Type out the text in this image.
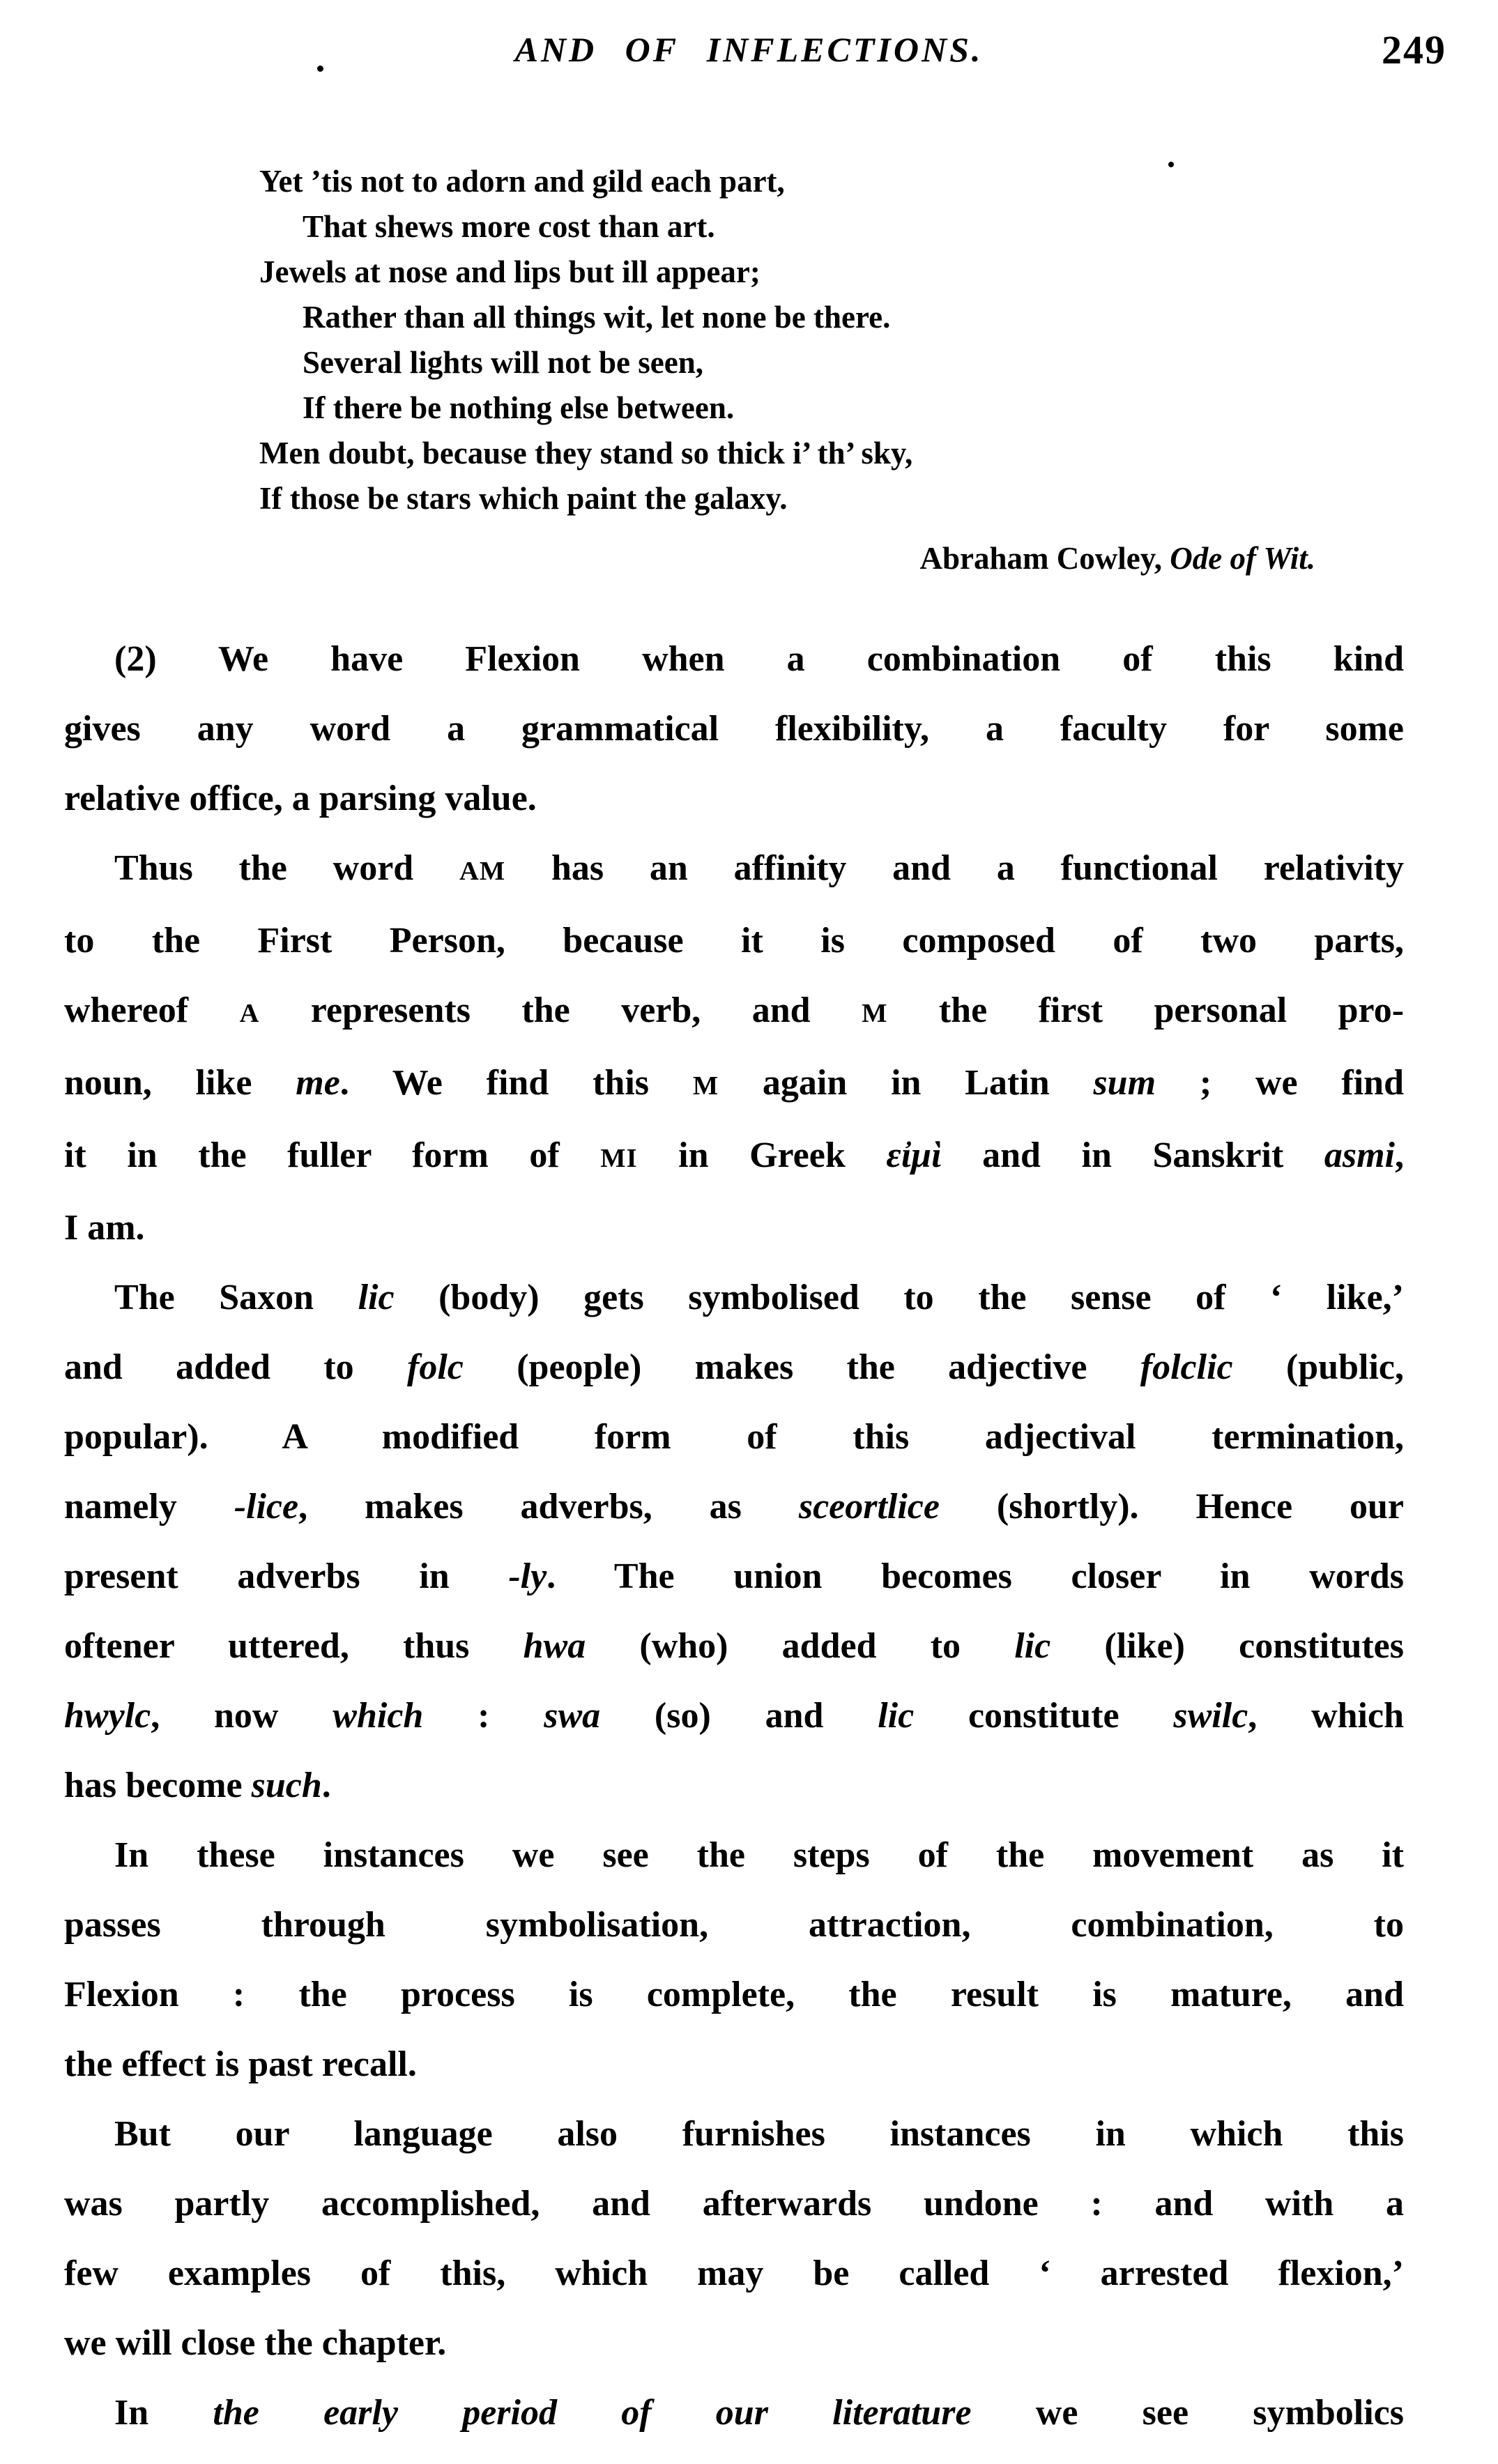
AND OF INFLECTIONS.	249
Yet ’tis not to adorn and gild each part,
That shews more cost than art.
Jewels at nose and lips but ill appear;
Rather than all things wit, let none be there.
Several lights will not be seen,
If there be nothing else between.
Men doubt, because they stand so thick i’ th’ sky,
If those be stars which paint the galaxy.
Abraham Cowley, Ode of Wit.
(2) We have Flexion when a combination of this kind
gives any word a grammatical flexibility, a faculty for some
relative office, a parsing value.
Thus the word AM has an affinity and a functional relativity
to the First Person, because it is composed of two parts,
whereof A represents the verb, and M the first personal pro-
noun, like me. We find this M again in Latin sum ; we find
it in the fuller form of MI in Greek εἰμὶ and in Sanskrit asmi,
I am.
The Saxon lic (body) gets symbolised to the sense of ‘ like,’
and added to folc (people) makes the adjective folclic (public,
popular). A modified form of this adjectival termination,
namely -lice, makes adverbs, as sceortlice (shortly). Hence our
present adverbs in -ly. The union becomes closer in words
oftener uttered, thus hwa (who) added to lic (like) constitutes
hwylc, now which : swa (so) and lic constitute swilc, which
has become such.
In these instances we see the steps of the movement as it
passes through symbolisation, attraction, combination, to
Flexion : the process is complete, the result is mature, and
the effect is past recall.
But our language also furnishes instances in which this
was partly accomplished, and afterwards undone : and with a
few examples of this, which may be called ‘ arrested flexion,’
we will close the chapter.
In the early period of our literature we see symbolics
